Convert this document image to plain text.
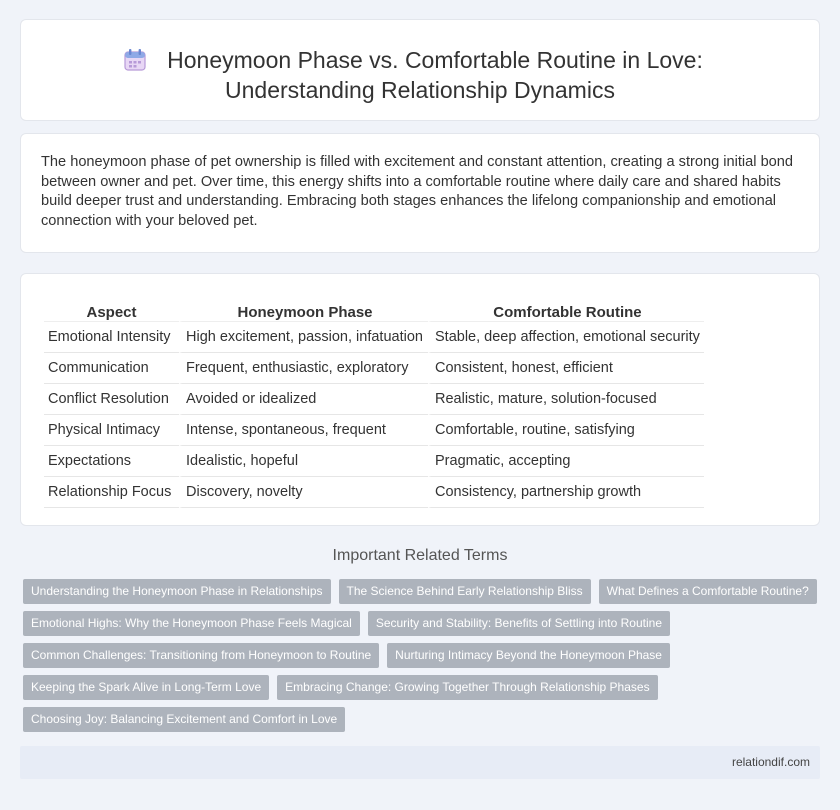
Honeymoon Phase vs. Comfortable Routine in Love:
Understanding Relationship Dynamics

The honeymoon phase of pet ownership is filled with excitement and constant attention, creating a strong initial bond between owner and pet. Over time, this energy shifts into a comfortable routine where daily care and shared habits build deeper trust and understanding. Embracing both stages enhances the lifelong companionship and emotional connection with your beloved pet.

Aspect	Honeymoon Phase	Comfortable Routine
Emotional Intensity	High excitement, passion, infatuation	Stable, deep affection, emotional security
Communication	Frequent, enthusiastic, exploratory	Consistent, honest, efficient
Conflict Resolution	Avoided or idealized	Realistic, mature, solution-focused
Physical Intimacy	Intense, spontaneous, frequent	Comfortable, routine, satisfying
Expectations	Idealistic, hopeful	Pragmatic, accepting
Relationship Focus	Discovery, novelty	Consistency, partnership growth
Important Related Terms
Understanding the Honeymoon Phase in Relationships The Science Behind Early Relationship Bliss What Defines a Comfortable Routine?
Emotional Highs: Why the Honeymoon Phase Feels Magical Security and Stability: Benefits of Settling into Routine
Common Challenges: Transitioning from Honeymoon to Routine Nurturing Intimacy Beyond the Honeymoon Phase
Keeping the Spark Alive in Long-Term Love Embracing Change: Growing Together Through Relationship Phases
Choosing Joy: Balancing Excitement and Comfort in Love
relationdif.com
